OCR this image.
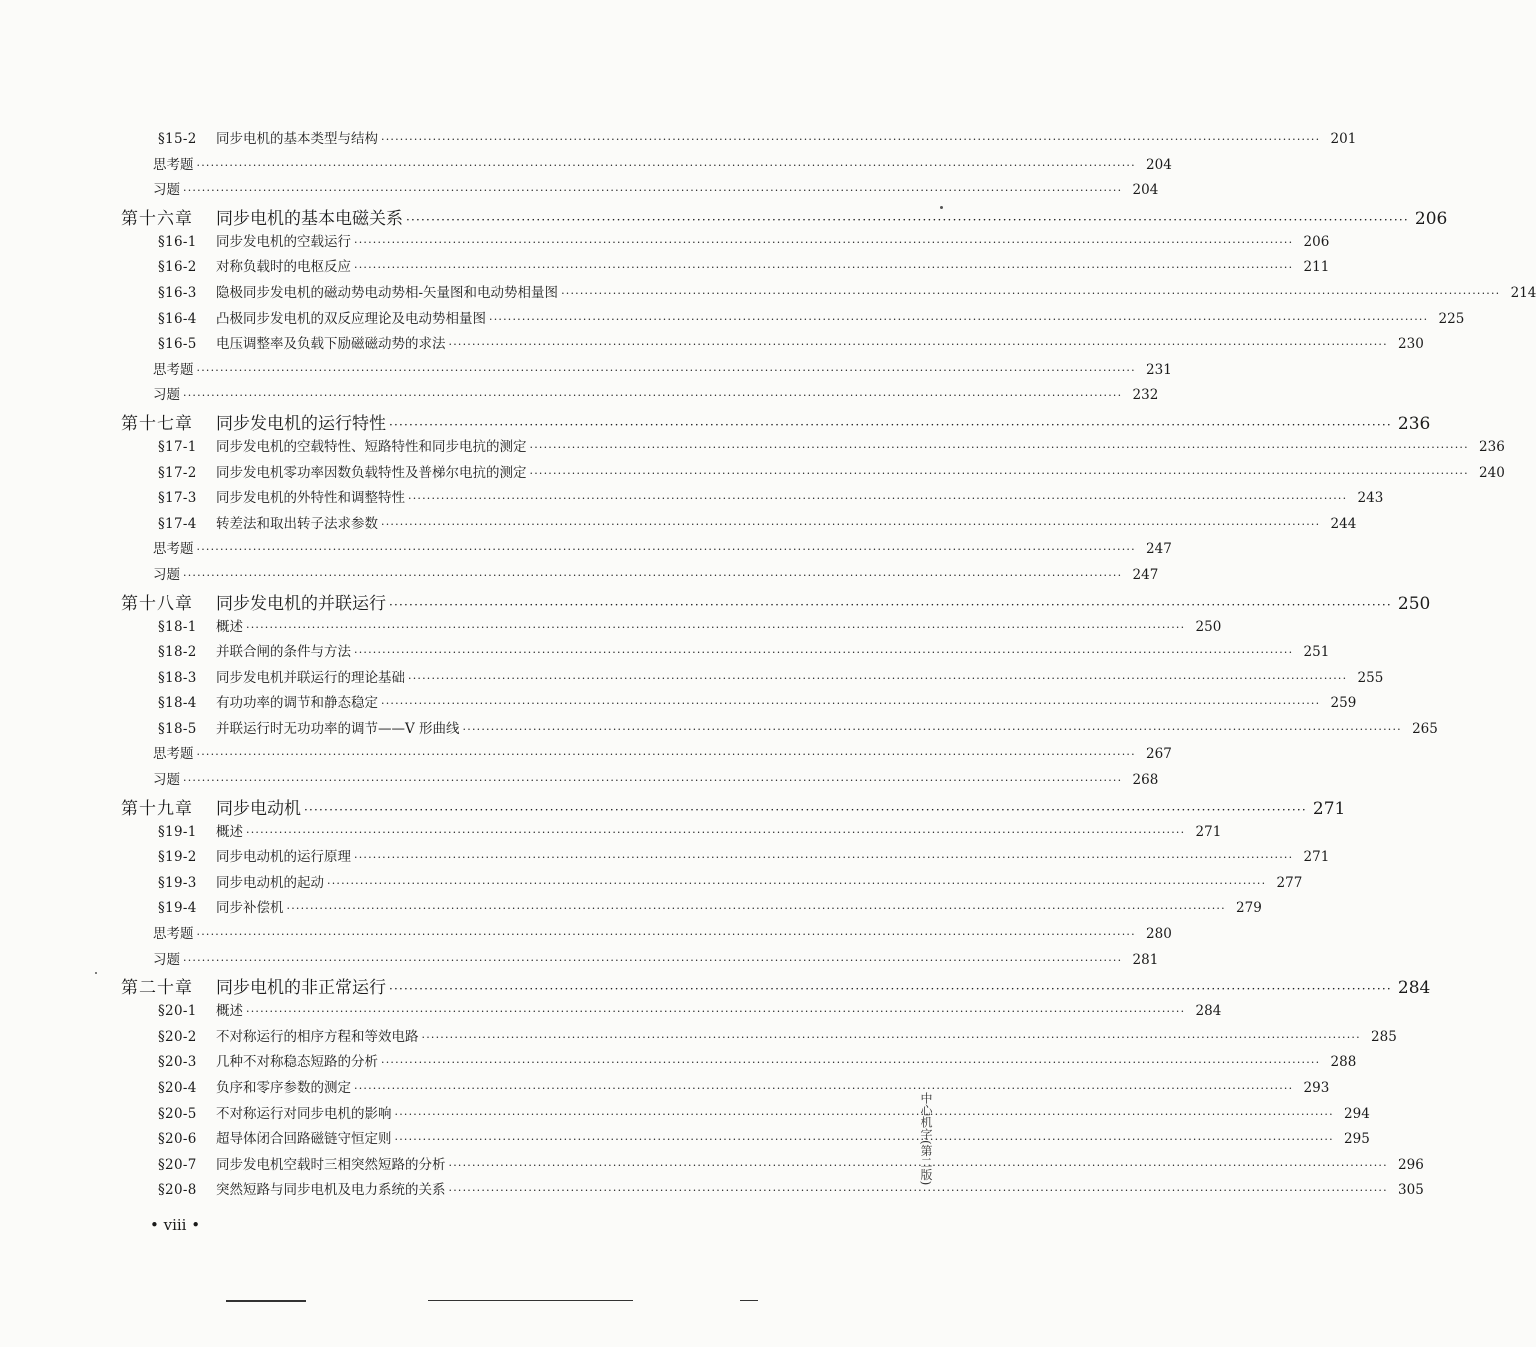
§15-2	同步电机的基本类型与结构 ········································································································································································································ 201
思考题 ········································································································································································································ 204
习题 ········································································································································································································ 204
第十六章	同步电机的基本电磁关系 ········································································································································································································ 206
§16-1	同步发电机的空载运行 ········································································································································································································ 206
§16-2	对称负载时的电枢反应 ········································································································································································································ 211
§16-3	隐极同步发电机的磁动势电动势相-矢量图和电动势相量图 ········································································································································································································ 214
§16-4	凸极同步发电机的双反应理论及电动势相量图 ········································································································································································································ 225
§16-5	电压调整率及负载下励磁磁动势的求法 ········································································································································································································ 230
思考题 ········································································································································································································ 231
习题 ········································································································································································································ 232
第十七章	同步发电机的运行特性 ········································································································································································································ 236
§17-1	同步发电机的空载特性、短路特性和同步电抗的测定 ········································································································································································································ 236
§17-2	同步发电机零功率因数负载特性及普梯尔电抗的测定 ········································································································································································································ 240
§17-3	同步发电机的外特性和调整特性 ········································································································································································································ 243
§17-4	转差法和取出转子法求参数 ········································································································································································································ 244
思考题 ········································································································································································································ 247
习题 ········································································································································································································ 247
第十八章	同步发电机的并联运行 ········································································································································································································ 250
§18-1	概述 ········································································································································································································ 250
§18-2	并联合闸的条件与方法 ········································································································································································································ 251
§18-3	同步发电机并联运行的理论基础 ········································································································································································································ 255
§18-4	有功功率的调节和静态稳定 ········································································································································································································ 259
§18-5	并联运行时无功功率的调节——V 形曲线 ········································································································································································································ 265
思考题 ········································································································································································································ 267
习题 ········································································································································································································ 268
第十九章	同步电动机 ········································································································································································································ 271
§19-1	概述 ········································································································································································································ 271
§19-2	同步电动机的运行原理 ········································································································································································································ 271
§19-3	同步电动机的起动 ········································································································································································································ 277
§19-4	同步补偿机 ········································································································································································································ 279
思考题 ········································································································································································································ 280
习题 ········································································································································································································ 281
第二十章	同步电机的非正常运行 ········································································································································································································ 284
§20-1	概述 ········································································································································································································ 284
§20-2	不对称运行的相序方程和等效电路 ········································································································································································································ 285
§20-3	几种不对称稳态短路的分析 ········································································································································································································ 288
§20-4	负序和零序参数的测定 ········································································································································································································ 293
§20-5	不对称运行对同步电机的影响 ········································································································································································································ 294
§20-6	超导体闭合回路磁链守恒定则 ········································································································································································································ 295
§20-7	同步发电机空载时三相突然短路的分析 ········································································································································································································ 296
§20-8	突然短路与同步电机及电力系统的关系 ········································································································································································································ 305
• viii •
中心机字(第二版)
